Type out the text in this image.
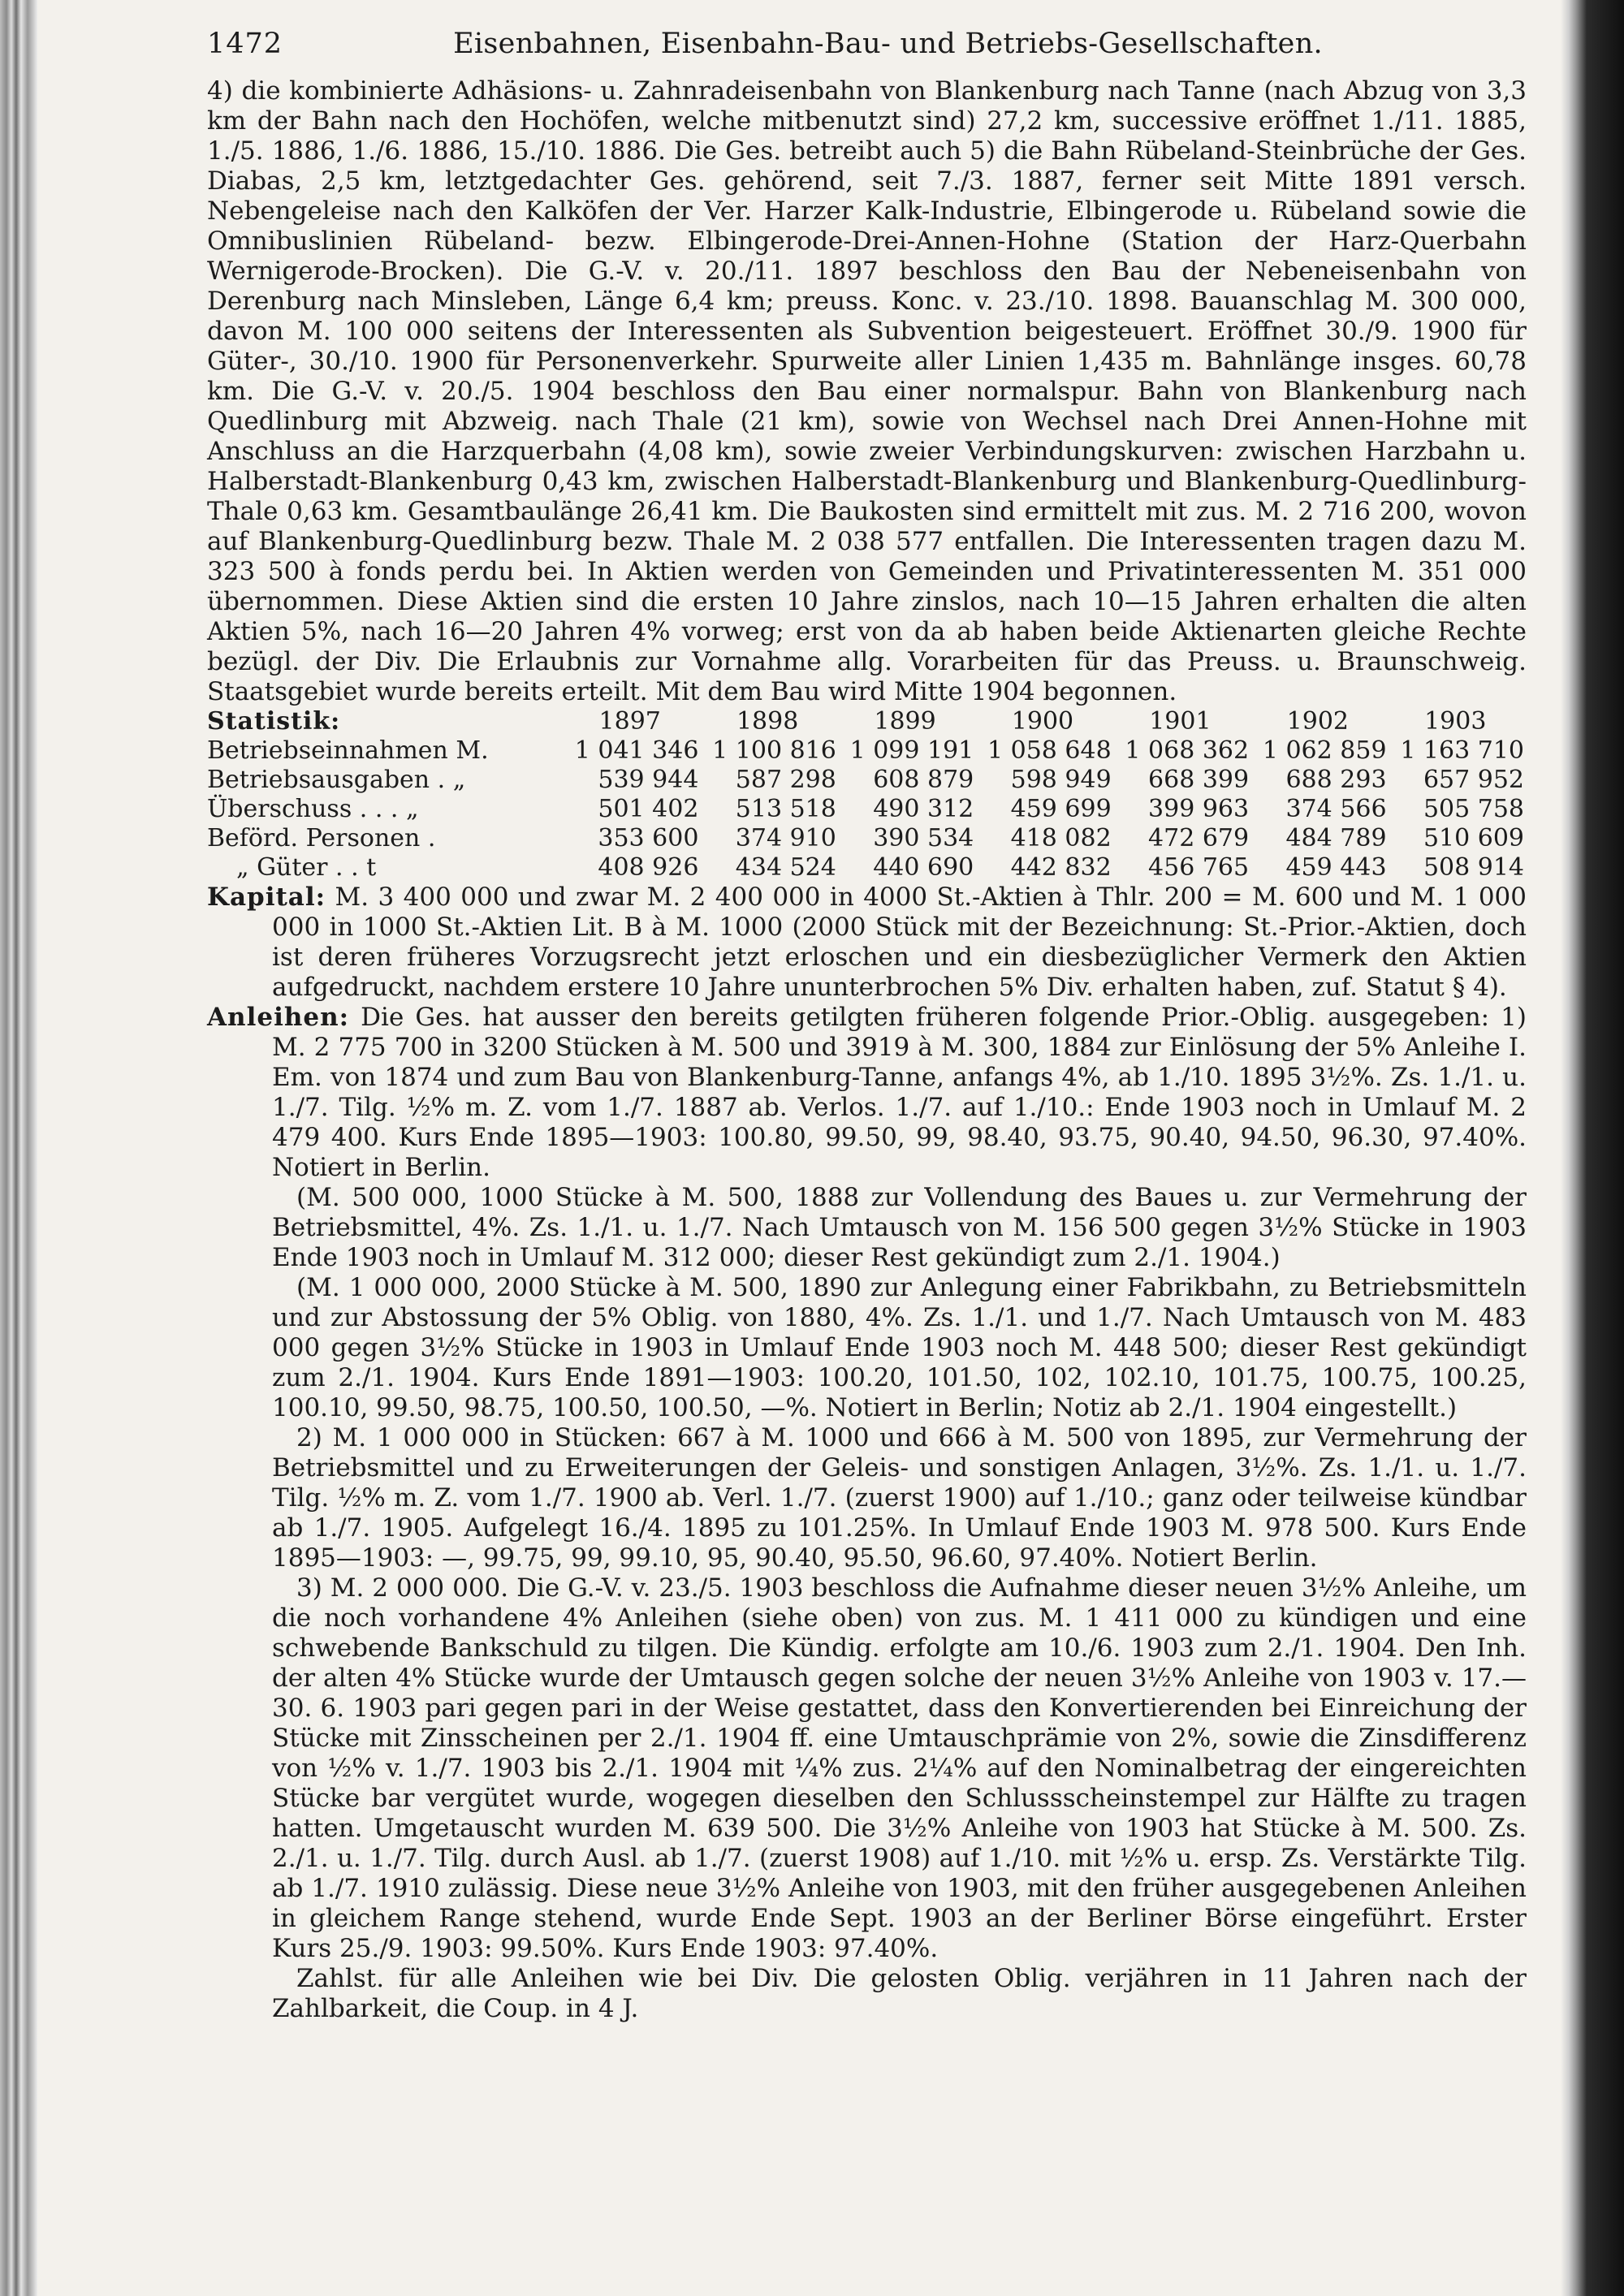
1472	Eisenbahnen, Eisenbahn-Bau- und Betriebs-Gesellschaften.

4) die kombinierte Adhäsions- u. Zahnradeisenbahn von Blankenburg nach Tanne (nach Abzug von 3,3 km der Bahn nach den Hochöfen, welche mitbenutzt sind) 27,2 km, successive eröffnet 1./11. 1885, 1./5. 1886, 1./6. 1886, 15./10. 1886. Die Ges. betreibt auch 5) die Bahn Rübeland-Steinbrüche der Ges. Diabas, 2,5 km, letztgedachter Ges. gehörend, seit 7./3. 1887, ferner seit Mitte 1891 versch. Nebengeleise nach den Kalköfen der Ver. Harzer Kalk-Industrie, Elbingerode u. Rübeland sowie die Omnibuslinien Rübeland- bezw. Elbingerode-Drei-Annen-Hohne (Station der Harz-Querbahn Wernigerode-Brocken). Die G.-V. v. 20./11. 1897 beschloss den Bau der Nebeneisenbahn von Derenburg nach Minsleben, Länge 6,4 km; preuss. Konc. v. 23./10. 1898. Bauanschlag M. 300 000, davon M. 100 000 seitens der Interessenten als Subvention beigesteuert. Eröffnet 30./9. 1900 für Güter-, 30./10. 1900 für Personenverkehr. Spurweite aller Linien 1,435 m. Bahnlänge insges. 60,78 km. Die G.-V. v. 20./5. 1904 beschloss den Bau einer normalspur. Bahn von Blankenburg nach Quedlinburg mit Abzweig. nach Thale (21 km), sowie von Wechsel nach Drei Annen-Hohne mit Anschluss an die Harzquerbahn (4,08 km), sowie zweier Verbindungskurven: zwischen Harzbahn u. Halberstadt-Blankenburg 0,43 km, zwischen Halberstadt-Blankenburg und Blankenburg-Quedlinburg-Thale 0,63 km. Gesamtbaulänge 26,41 km. Die Baukosten sind ermittelt mit zus. M. 2 716 200, wovon auf Blankenburg-Quedlinburg bezw. Thale M. 2 038 577 entfallen. Die Interessenten tragen dazu M. 323 500 à fonds perdu bei. In Aktien werden von Gemeinden und Privatinteressenten M. 351 000 übernommen. Diese Aktien sind die ersten 10 Jahre zinslos, nach 10—15 Jahren erhalten die alten Aktien 5%, nach 16—20 Jahren 4% vorweg; erst von da ab haben beide Aktienarten gleiche Rechte bezügl. der Div. Die Erlaubnis zur Vornahme allg. Vorarbeiten für das Preuss. u. Braunschweig. Staatsgebiet wurde bereits erteilt. Mit dem Bau wird Mitte 1904 begonnen.

Statistik:	1897	1898	1899	1900	1901	1902	1903
Betriebseinnahmen M.	1 041 346	1 100 816	1 099 191	1 058 648	1 068 362	1 062 859	1 163 710
Betriebsausgaben . „	539 944	587 298	608 879	598 949	668 399	688 293	657 952
Überschuss . . . „	501 402	513 518	490 312	459 699	399 963	374 566	505 758
Beförd. Personen .	353 600	374 910	390 534	418 082	472 679	484 789	510 609
„ Güter . . t	408 926	434 524	440 690	442 832	456 765	459 443	508 914

Kapital: M. 3 400 000 und zwar M. 2 400 000 in 4000 St.-Aktien à Thlr. 200 = M. 600 und M. 1 000 000 in 1000 St.-Aktien Lit. B à M. 1000 (2000 Stück mit der Bezeichnung: St.-Prior.-Aktien, doch ist deren früheres Vorzugsrecht jetzt erloschen und ein diesbezüglicher Vermerk den Aktien aufgedruckt, nachdem erstere 10 Jahre ununterbrochen 5% Div. erhalten haben, zuf. Statut § 4).

Anleihen: Die Ges. hat ausser den bereits getilgten früheren folgende Prior.-Oblig. ausgegeben: 1) M. 2 775 700 in 3200 Stücken à M. 500 und 3919 à M. 300, 1884 zur Einlösung der 5% Anleihe I. Em. von 1874 und zum Bau von Blankenburg-Tanne, anfangs 4%, ab 1./10. 1895 3½%. Zs. 1./1. u. 1./7. Tilg. ½% m. Z. vom 1./7. 1887 ab. Verlos. 1./7. auf 1./10.: Ende 1903 noch in Umlauf M. 2 479 400. Kurs Ende 1895—1903: 100.80, 99.50, 99, 98.40, 93.75, 90.40, 94.50, 96.30, 97.40%. Notiert in Berlin.

(M. 500 000, 1000 Stücke à M. 500, 1888 zur Vollendung des Baues u. zur Vermehrung der Betriebsmittel, 4%. Zs. 1./1. u. 1./7. Nach Umtausch von M. 156 500 gegen 3½% Stücke in 1903 Ende 1903 noch in Umlauf M. 312 000; dieser Rest gekündigt zum 2./1. 1904.)

(M. 1 000 000, 2000 Stücke à M. 500, 1890 zur Anlegung einer Fabrikbahn, zu Betriebsmitteln und zur Abstossung der 5% Oblig. von 1880, 4%. Zs. 1./1. und 1./7. Nach Umtausch von M. 483 000 gegen 3½% Stücke in 1903 in Umlauf Ende 1903 noch M. 448 500; dieser Rest gekündigt zum 2./1. 1904. Kurs Ende 1891—1903: 100.20, 101.50, 102, 102.10, 101.75, 100.75, 100.25, 100.10, 99.50, 98.75, 100.50, 100.50, —%. Notiert in Berlin; Notiz ab 2./1. 1904 eingestellt.)

2) M. 1 000 000 in Stücken: 667 à M. 1000 und 666 à M. 500 von 1895, zur Vermehrung der Betriebsmittel und zu Erweiterungen der Geleis- und sonstigen Anlagen, 3½%. Zs. 1./1. u. 1./7. Tilg. ½% m. Z. vom 1./7. 1900 ab. Verl. 1./7. (zuerst 1900) auf 1./10.; ganz oder teilweise kündbar ab 1./7. 1905. Aufgelegt 16./4. 1895 zu 101.25%. In Umlauf Ende 1903 M. 978 500. Kurs Ende 1895—1903: —, 99.75, 99, 99.10, 95, 90.40, 95.50, 96.60, 97.40%. Notiert Berlin.

3) M. 2 000 000. Die G.-V. v. 23./5. 1903 beschloss die Aufnahme dieser neuen 3½% Anleihe, um die noch vorhandene 4% Anleihen (siehe oben) von zus. M. 1 411 000 zu kündigen und eine schwebende Bankschuld zu tilgen. Die Kündig. erfolgte am 10./6. 1903 zum 2./1. 1904. Den Inh. der alten 4% Stücke wurde der Umtausch gegen solche der neuen 3½% Anleihe von 1903 v. 17.—30. 6. 1903 pari gegen pari in der Weise gestattet, dass den Konvertierenden bei Einreichung der Stücke mit Zinsscheinen per 2./1. 1904 ff. eine Umtauschprämie von 2%, sowie die Zinsdifferenz von ½% v. 1./7. 1903 bis 2./1. 1904 mit ¼% zus. 2¼% auf den Nominalbetrag der eingereichten Stücke bar vergütet wurde, wogegen dieselben den Schlussscheinstempel zur Hälfte zu tragen hatten. Umgetauscht wurden M. 639 500. Die 3½% Anleihe von 1903 hat Stücke à M. 500. Zs. 2./1. u. 1./7. Tilg. durch Ausl. ab 1./7. (zuerst 1908) auf 1./10. mit ½% u. ersp. Zs. Verstärkte Tilg. ab 1./7. 1910 zulässig. Diese neue 3½% Anleihe von 1903, mit den früher ausgegebenen Anleihen in gleichem Range stehend, wurde Ende Sept. 1903 an der Berliner Börse eingeführt. Erster Kurs 25./9. 1903: 99.50%. Kurs Ende 1903: 97.40%.

Zahlst. für alle Anleihen wie bei Div. Die gelosten Oblig. verjähren in 11 Jahren nach der Zahlbarkeit, die Coup. in 4 J.
